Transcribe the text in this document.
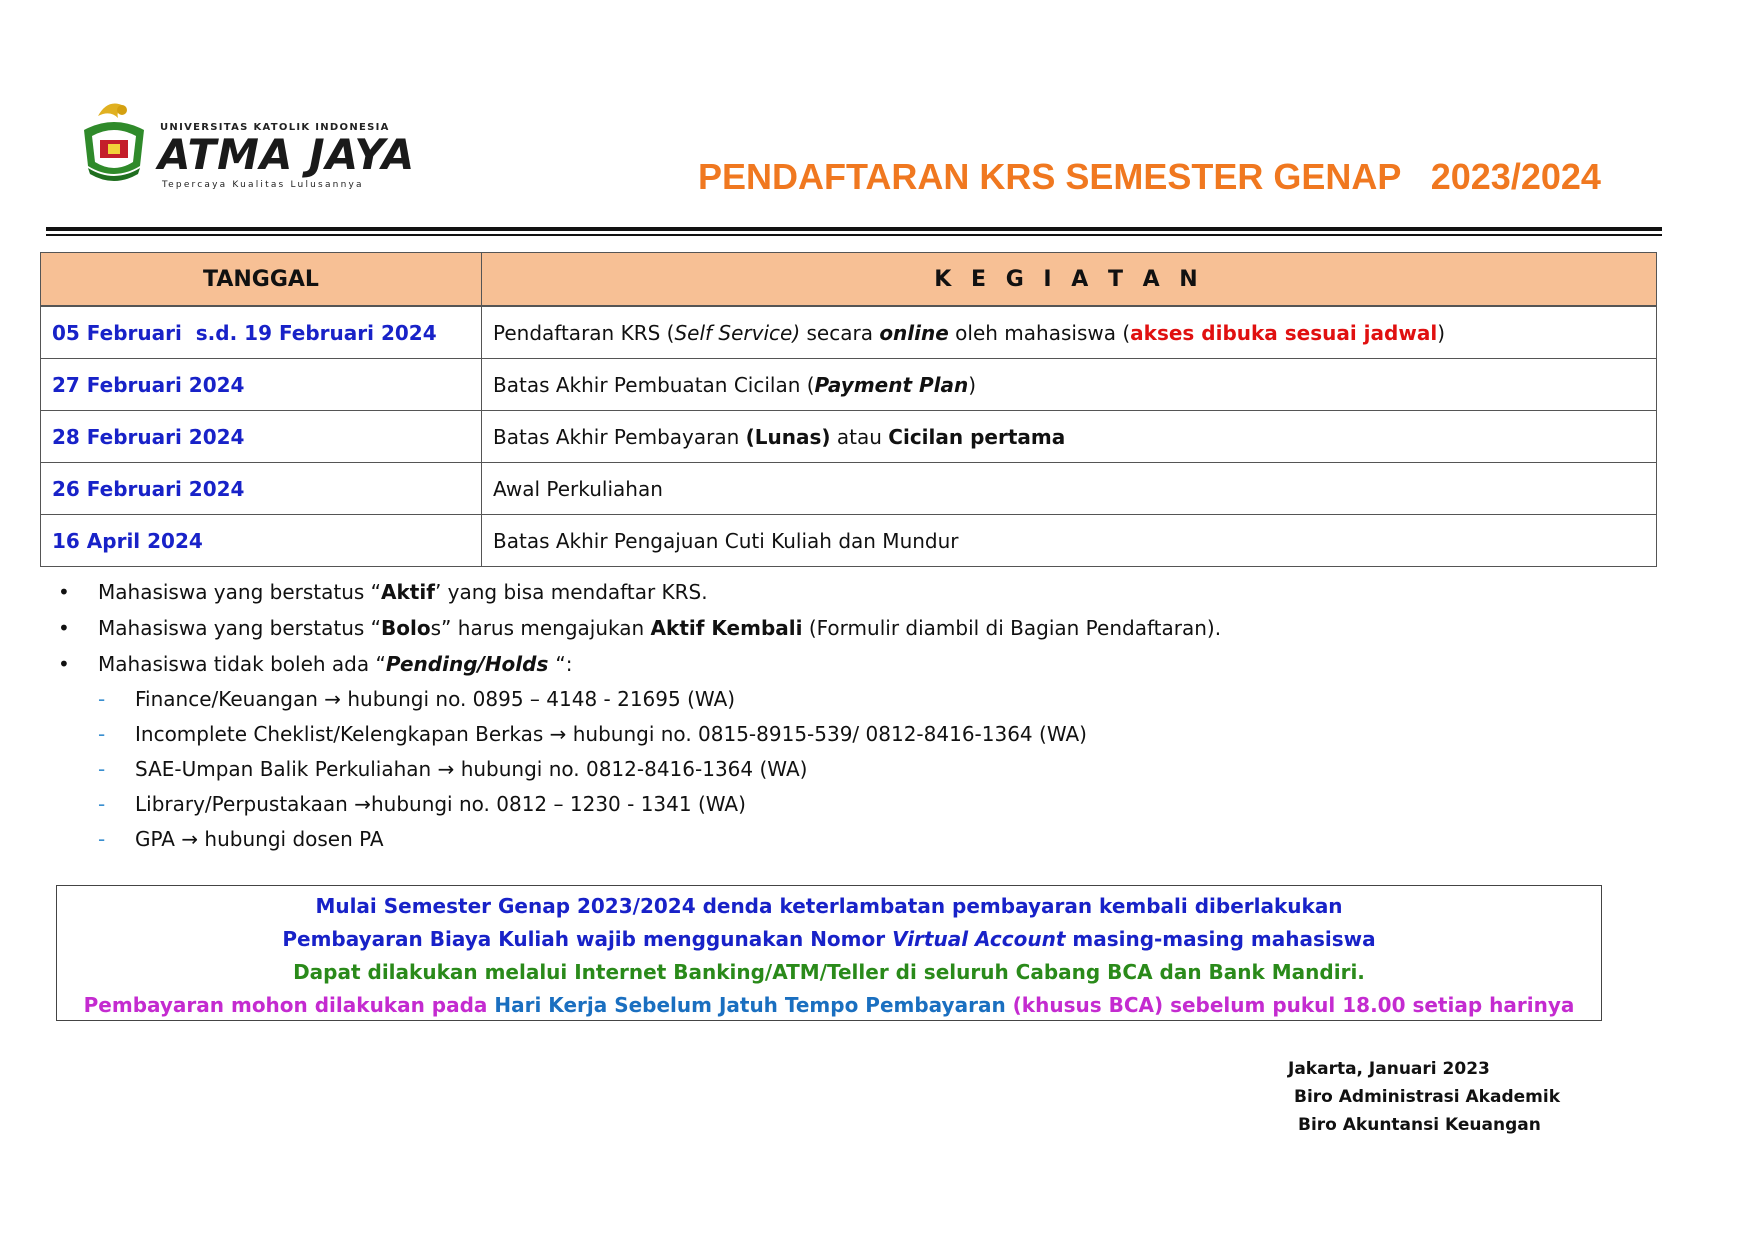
UNIVERSITAS KATOLIK INDONESIA
ATMA JAYA
Tepercaya Kualitas Lulusannya	PENDAFTARAN KRS SEMESTER GENAP   2023/2024
TANGGAL	K E G I A T A N
05 Februari  s.d. 19 Februari 2024	Pendaftaran KRS (Self Service) secara online oleh mahasiswa (akses dibuka sesuai jadwal)
27 Februari 2024	Batas Akhir Pembuatan Cicilan (Payment Plan)
28 Februari 2024	Batas Akhir Pembayaran (Lunas) atau Cicilan pertama
26 Februari 2024	Awal Perkuliahan
16 April 2024	Batas Akhir Pengajuan Cuti Kuliah dan Mundur
• Mahasiswa yang berstatus “Aktif’ yang bisa mendaftar KRS.
• Mahasiswa yang berstatus “Bolos” harus mengajukan Aktif Kembali (Formulir diambil di Bagian Pendaftaran).
• Mahasiswa tidak boleh ada “Pending/Holds “:
- Finance/Keuangan → hubungi no. 0895 – 4148 - 21695 (WA)
- Incomplete Cheklist/Kelengkapan Berkas → hubungi no. 0815-8915-539/ 0812-8416-1364 (WA)
- SAE-Umpan Balik Perkuliahan → hubungi no. 0812-8416-1364 (WA)
- Library/Perpustakaan →hubungi no. 0812 – 1230 - 1341 (WA)
- GPA → hubungi dosen PA
Mulai Semester Genap 2023/2024 denda keterlambatan pembayaran kembali diberlakukan
Pembayaran Biaya Kuliah wajib menggunakan Nomor Virtual Account masing-masing mahasiswa
Dapat dilakukan melalui Internet Banking/ATM/Teller di seluruh Cabang BCA dan Bank Mandiri.
Pembayaran mohon dilakukan pada Hari Kerja Sebelum Jatuh Tempo Pembayaran (khusus BCA) sebelum pukul 18.00 setiap harinya
Jakarta, Januari 2023
Biro Administrasi Akademik
Biro Akuntansi Keuangan
